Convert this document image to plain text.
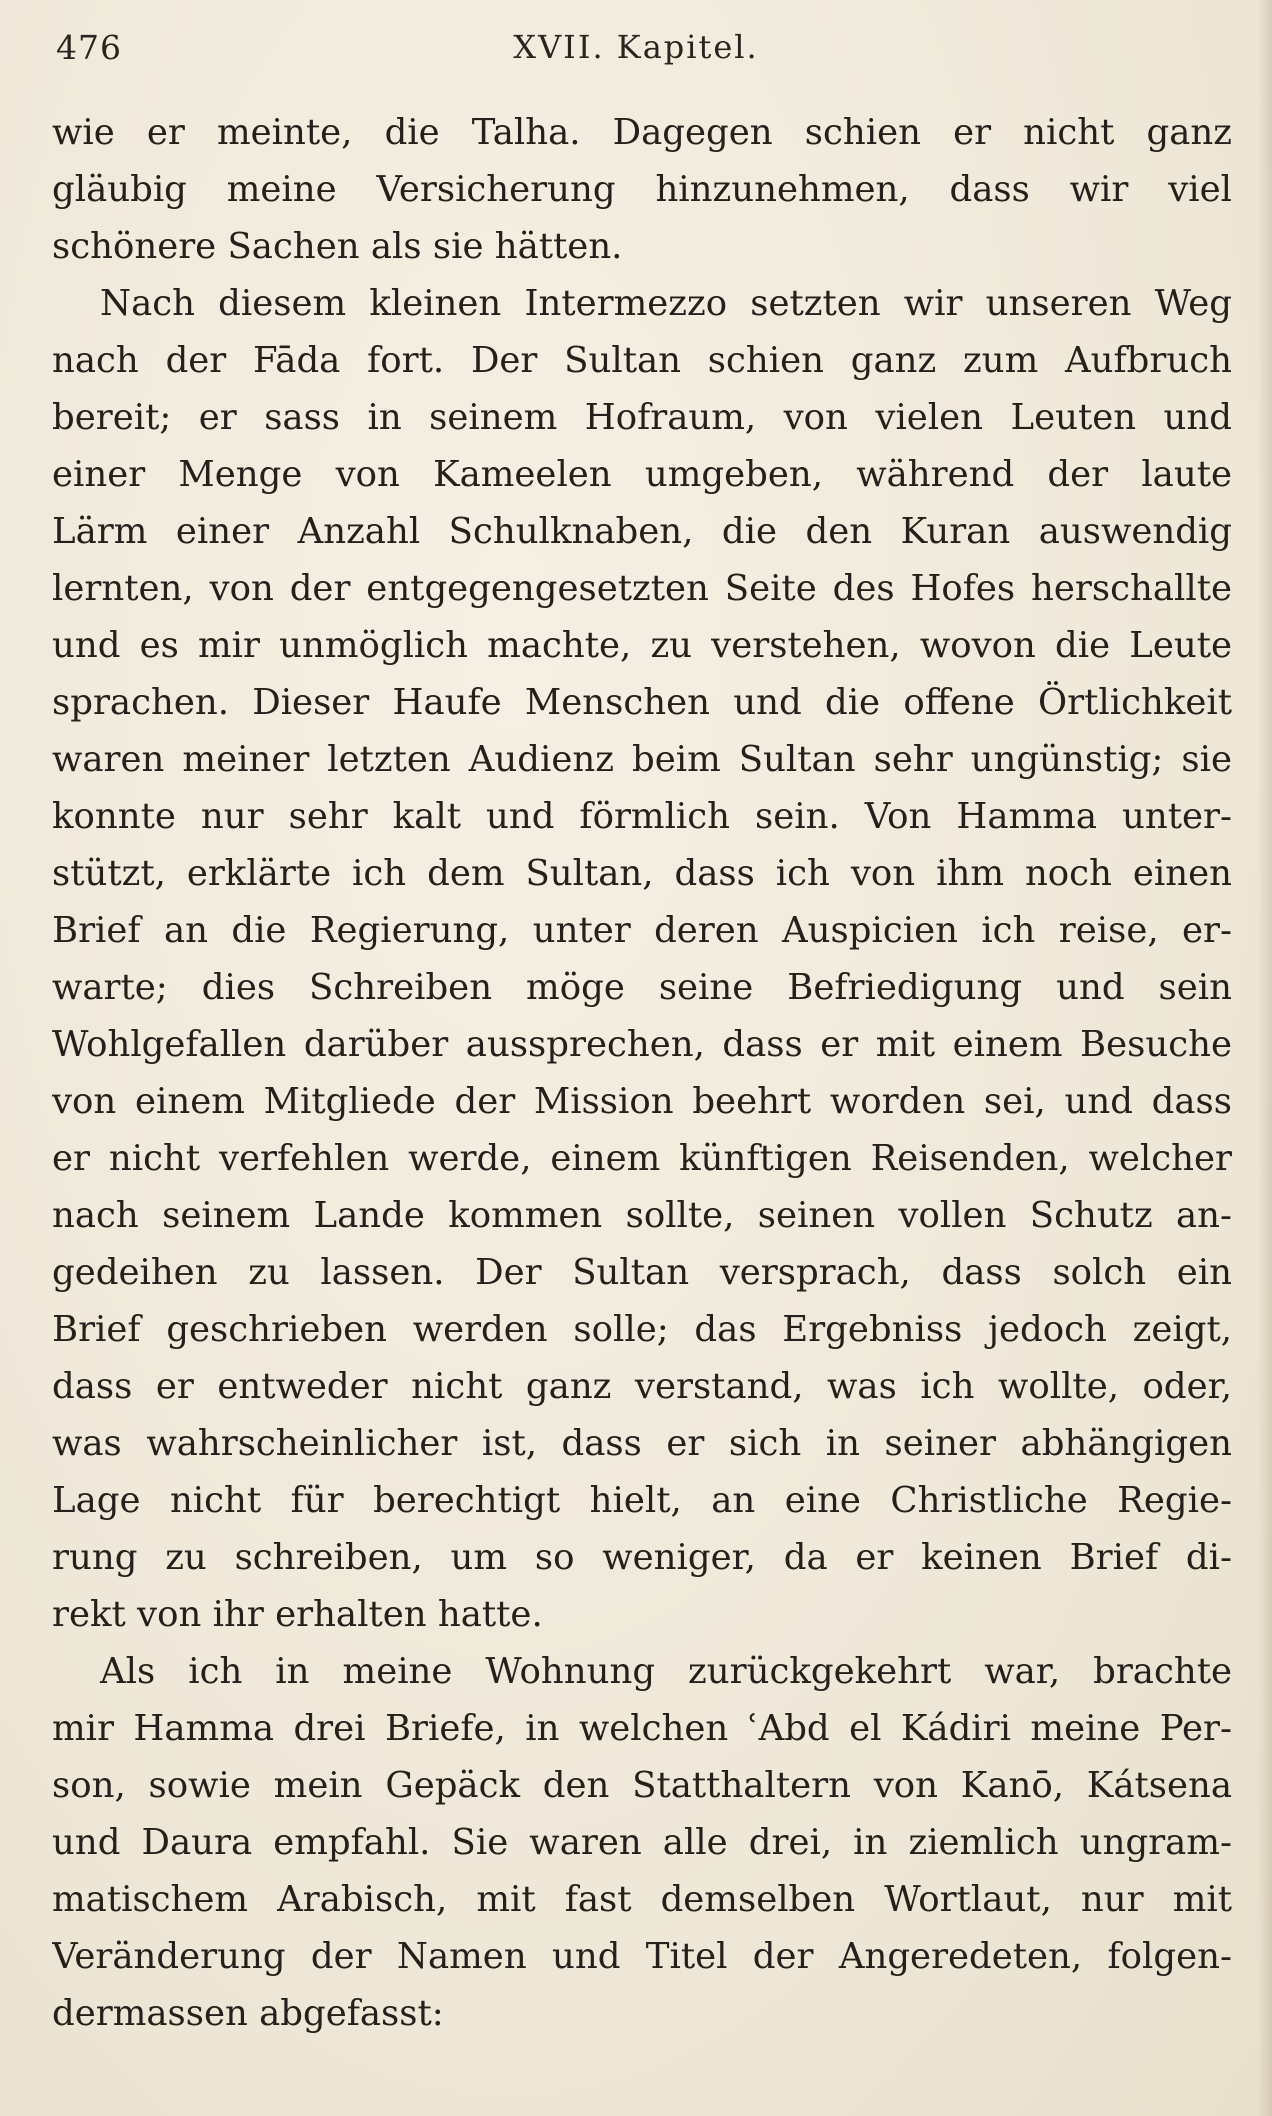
476	XVII. Kapitel.
wie er meinte, die Talha. Dagegen schien er nicht ganz
gläubig meine Versicherung hinzunehmen, dass wir viel
schönere Sachen als sie hätten.
Nach diesem kleinen Intermezzo setzten wir unseren Weg
nach der Fāda fort. Der Sultan schien ganz zum Aufbruch
bereit; er sass in seinem Hofraum, von vielen Leuten und
einer Menge von Kameelen umgeben, während der laute
Lärm einer Anzahl Schulknaben, die den Kuran auswendig
lernten, von der entgegengesetzten Seite des Hofes herschallte
und es mir unmöglich machte, zu verstehen, wovon die Leute
sprachen. Dieser Haufe Menschen und die offene Örtlichkeit
waren meiner letzten Audienz beim Sultan sehr ungünstig; sie
konnte nur sehr kalt und förmlich sein. Von Hamma unter-
stützt, erklärte ich dem Sultan, dass ich von ihm noch einen
Brief an die Regierung, unter deren Auspicien ich reise, er-
warte; dies Schreiben möge seine Befriedigung und sein
Wohlgefallen darüber aussprechen, dass er mit einem Besuche
von einem Mitgliede der Mission beehrt worden sei, und dass
er nicht verfehlen werde, einem künftigen Reisenden, welcher
nach seinem Lande kommen sollte, seinen vollen Schutz an-
gedeihen zu lassen. Der Sultan versprach, dass solch ein
Brief geschrieben werden solle; das Ergebniss jedoch zeigt,
dass er entweder nicht ganz verstand, was ich wollte, oder,
was wahrscheinlicher ist, dass er sich in seiner abhängigen
Lage nicht für berechtigt hielt, an eine Christliche Regie-
rung zu schreiben, um so weniger, da er keinen Brief di-
rekt von ihr erhalten hatte.
Als ich in meine Wohnung zurückgekehrt war, brachte
mir Hamma drei Briefe, in welchen ʿAbd el Kádiri meine Per-
son, sowie mein Gepäck den Statthaltern von Kanō, Kátsena
und Daura empfahl. Sie waren alle drei, in ziemlich ungram-
matischem Arabisch, mit fast demselben Wortlaut, nur mit
Veränderung der Namen und Titel der Angeredeten, folgen-
dermassen abgefasst:
